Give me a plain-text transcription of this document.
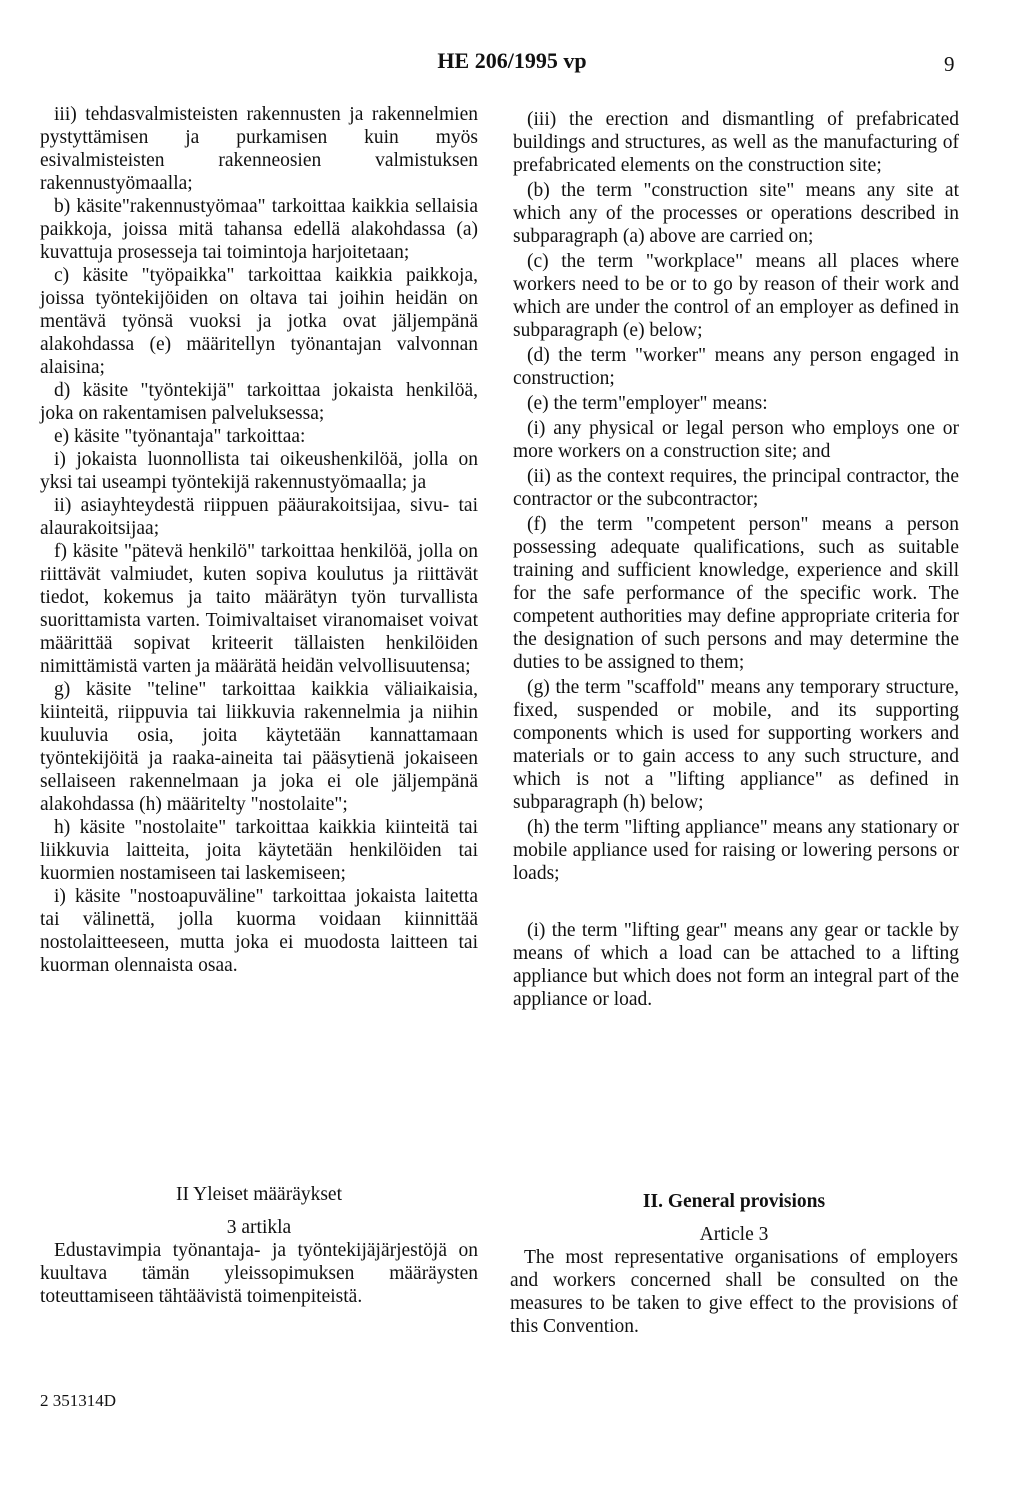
HE 206/1995 vp	9

iii) tehdasvalmisteisten rakennusten ja rakennelmien pystyttämisen ja purkamisen kuin myös esivalmisteisten rakenneosien valmistuksen rakennustyömaalla;

b) käsite"rakennustyömaa" tarkoittaa kaikkia sellaisia paikkoja, joissa mitä tahansa edellä alakohdassa (a) kuvattuja prosesseja tai toimintoja harjoitetaan;

c) käsite "työpaikka" tarkoittaa kaikkia paikkoja, joissa työntekijöiden on oltava tai joihin heidän on mentävä työnsä vuoksi ja jotka ovat jäljempänä alakohdassa (e) määritellyn työnantajan valvonnan alaisina;

d) käsite "työntekijä" tarkoittaa jokaista henkilöä, joka on rakentamisen palveluksessa;

e) käsite "työnantaja" tarkoittaa:

i) jokaista luonnollista tai oikeushenkilöä, jolla on yksi tai useampi työntekijä rakennustyömaalla; ja

ii) asiayhteydestä riippuen pääurakoitsijaa, sivu- tai alaurakoitsijaa;

f) käsite "pätevä henkilö" tarkoittaa henkilöä, jolla on riittävät valmiudet, kuten sopiva koulutus ja riittävät tiedot, kokemus ja taito määrätyn työn turvallista suorittamista varten. Toimivaltaiset viranomaiset voivat määrittää sopivat kriteerit tällaisten henkilöiden nimittämistä varten ja määrätä heidän velvollisuutensa;

g) käsite "teline" tarkoittaa kaikkia väliaikaisia, kiinteitä, riippuvia tai liikkuvia rakennelmia ja niihin kuuluvia osia, joita käytetään kannattamaan työntekijöitä ja raaka-aineita tai pääsytienä jokaiseen sellaiseen rakennelmaan ja joka ei ole jäljempänä alakohdassa (h) määritelty "nostolaite";

h) käsite "nostolaite" tarkoittaa kaikkia kiinteitä tai liikkuvia laitteita, joita käytetään henkilöiden tai kuormien nostamiseen tai laskemiseen;

i) käsite "nostoapuväline" tarkoittaa jokaista laitetta tai välinettä, jolla kuorma voidaan kiinnittää nostolaitteeseen, mutta joka ei muodosta laitteen tai kuorman olennaista osaa.

(iii) the erection and dismantling of prefabricated buildings and structures, as well as the manufacturing of prefabricated elements on the construction site;

(b) the term "construction site" means any site at which any of the processes or operations described in subparagraph (a) above are carried on;

(c) the term "workplace" means all places where workers need to be or to go by reason of their work and which are under the control of an employer as defined in subparagraph (e) below;

(d) the term "worker" means any person engaged in construction;

(e) the term"employer" means:

(i) any physical or legal person who employs one or more workers on a construction site; and

(ii) as the context requires, the principal contractor, the contractor or the subcontractor;

(f) the term "competent person" means a person possessing adequate qualifications, such as suitable training and sufficient knowledge, experience and skill for the safe performance of the specific work. The competent authorities may define appropriate criteria for the designation of such persons and may determine the duties to be assigned to them;

(g) the term "scaffold" means any temporary structure, fixed, suspended or mobile, and its supporting components which is used for supporting workers and materials or to gain access to any such structure, and which is not a "lifting appliance" as defined in subparagraph (h) below;

(h) the term "lifting appliance" means any stationary or mobile appliance used for raising or lowering persons or loads;

(i) the term "lifting gear" means any gear or tackle by means of which a load can be attached to a lifting appliance but which does not form an integral part of the appliance or load.

II Yleiset määräykset

3 artikla

Edustavimpia työnantaja- ja työntekijäjärjestöjä on kuultava tämän yleissopimuksen määräysten toteuttamiseen tähtäävistä toimenpiteistä.

II. General provisions

Article 3

The most representative organisations of employers and workers concerned shall be consulted on the measures to be taken to give effect to the provisions of this Convention.

2 351314D
